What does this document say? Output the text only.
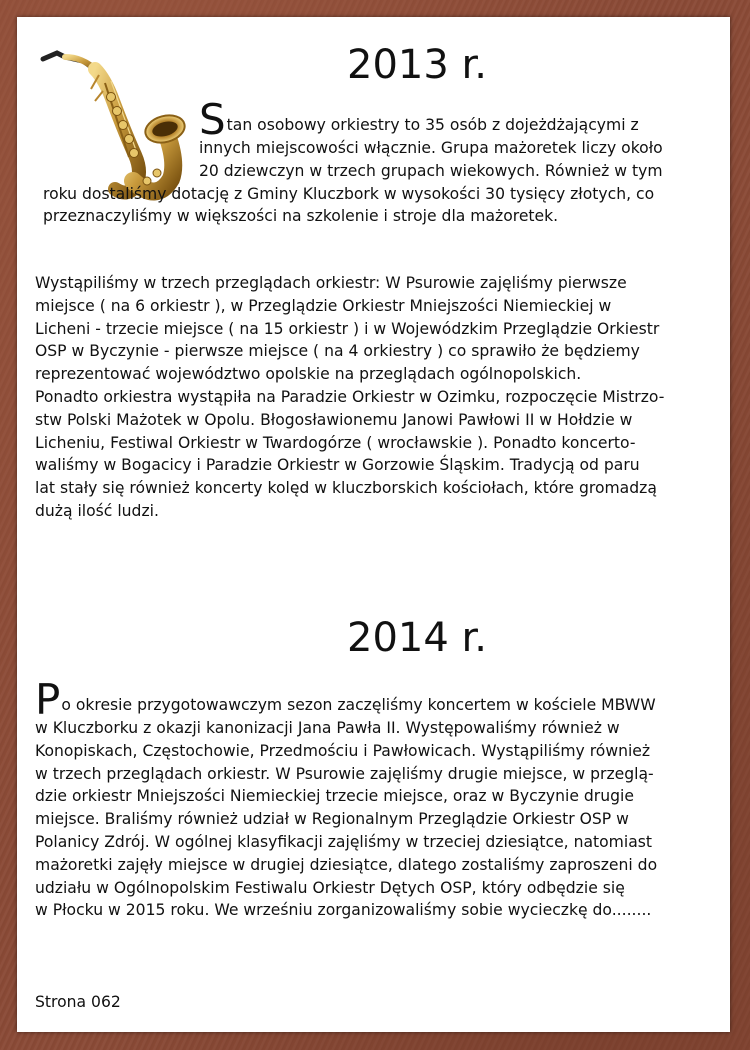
2013 r.
Stan osobowy orkiestry to 35 osób z dojeżdżającymi z
innych miejscowości włącznie. Grupa mażoretek liczy około
20 dziewczyn w trzech grupach wiekowych. Również w tym
roku dostaliśmy dotację z Gminy Kluczbork w wysokości 30 tysięcy złotych, co
przeznaczyliśmy w większości na szkolenie i stroje dla mażoretek.
Wystąpiliśmy w trzech przeglądach orkiestr: W Psurowie zajęliśmy pierwsze
miejsce ( na 6 orkiestr ), w Przeglądzie Orkiestr Mniejszości Niemieckiej w
Licheni - trzecie miejsce ( na 15 orkiestr ) i w Wojewódzkim Przeglądzie Orkiestr
OSP w Byczynie - pierwsze miejsce ( na 4 orkiestry ) co sprawiło że będziemy
reprezentować województwo opolskie na przeglądach ogólnopolskich.
Ponadto orkiestra wystąpiła na Paradzie Orkiestr w Ozimku, rozpoczęcie Mistrzo-
stw Polski Mażotek w Opolu. Błogosławionemu Janowi Pawłowi II w Hołdzie w
Licheniu, Festiwal Orkiestr w Twardogórze ( wrocławskie ). Ponadto koncerto-
waliśmy w Bogacicy i Paradzie Orkiestr w Gorzowie Śląskim. Tradycją od paru
lat stały się również koncerty kolęd w kluczborskich kościołach, które gromadzą
dużą ilość ludzi.
2014 r.
Po okresie przygotowawczym sezon zaczęliśmy koncertem w kościele MBWW
w Kluczborku z okazji kanonizacji Jana Pawła II. Występowaliśmy również w
Konopiskach, Częstochowie, Przedmościu i Pawłowicach. Wystąpiliśmy również
w trzech przeglądach orkiestr. W Psurowie zajęliśmy drugie miejsce, w przeglą-
dzie orkiestr Mniejszości Niemieckiej trzecie miejsce, oraz w Byczynie drugie
miejsce. Braliśmy również udział w Regionalnym Przeglądzie Orkiestr OSP w
Polanicy Zdrój. W ogólnej klasyfikacji zajęliśmy w trzeciej dziesiątce, natomiast
mażoretki zajęły miejsce w drugiej dziesiątce, dlatego zostaliśmy zaproszeni do
udziału w Ogólnopolskim Festiwalu Orkiestr Dętych OSP, który odbędzie się
w Płocku w 2015 roku. We wrześniu zorganizowaliśmy sobie wycieczkę do........
Strona 062
